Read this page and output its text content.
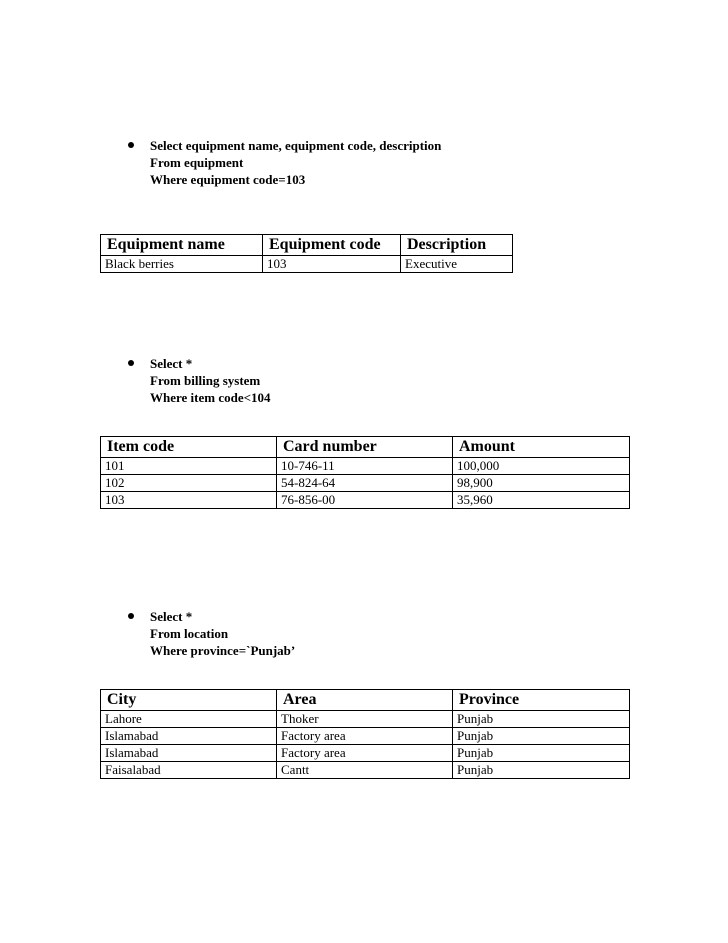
Select equipment name, equipment code, description
From equipment
Where equipment code=103
Equipment name	Equipment code	Description
Black berries	103	Executive
Select *
From billing system
Where item code<104
Item code	Card number	Amount
101	10-746-11	100,000
102	54-824-64	98,900
103	76-856-00	35,960
Select *
From location
Where province=`Punjab’
City	Area	Province
Lahore	Thoker	Punjab
Islamabad	Factory area	Punjab
Islamabad	Factory area	Punjab
Faisalabad	Cantt	Punjab
